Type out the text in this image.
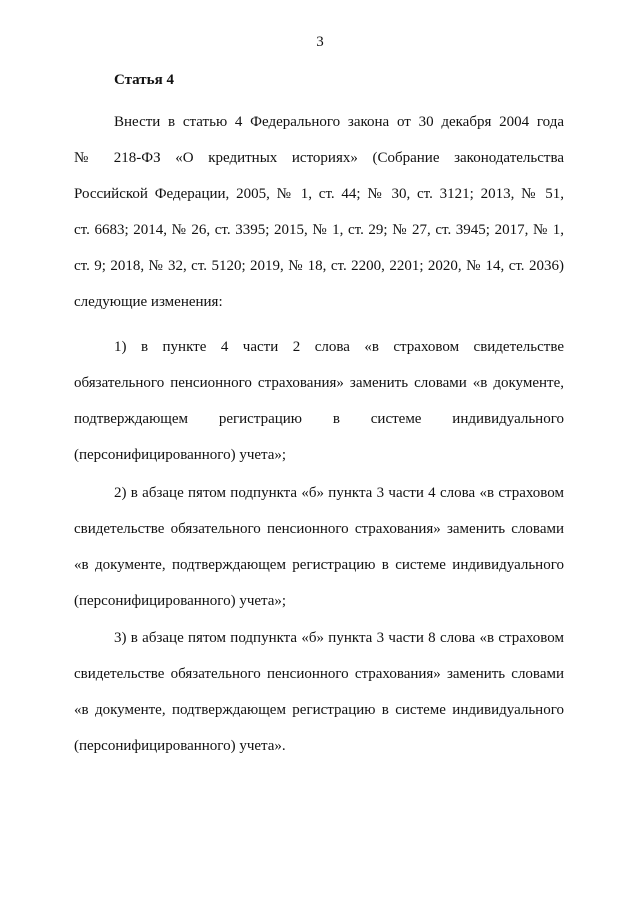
3
Статья 4
Внести в статью 4 Федерального закона от 30 декабря 2004 года
№ 218-ФЗ «О кредитных историях» (Собрание законодательства
Российской Федерации, 2005, № 1, ст. 44; № 30, ст. 3121; 2013, № 51,
ст. 6683; 2014, № 26, ст. 3395; 2015, № 1, ст. 29; № 27, ст. 3945; 2017, № 1,
ст. 9; 2018, № 32, ст. 5120; 2019, № 18, ст. 2200, 2201; 2020, № 14, ст. 2036)
следующие изменения:
1) в пункте 4 части 2 слова «в страховом свидетельстве
обязательного пенсионного страхования» заменить словами «в документе,
подтверждающем регистрацию в системе индивидуального
(персонифицированного) учета»;
2) в абзаце пятом подпункта «б» пункта 3 части 4 слова «в страховом
свидетельстве обязательного пенсионного страхования» заменить словами
«в документе, подтверждающем регистрацию в системе индивидуального
(персонифицированного) учета»;
3) в абзаце пятом подпункта «б» пункта 3 части 8 слова «в страховом
свидетельстве обязательного пенсионного страхования» заменить словами
«в документе, подтверждающем регистрацию в системе индивидуального
(персонифицированного) учета».
